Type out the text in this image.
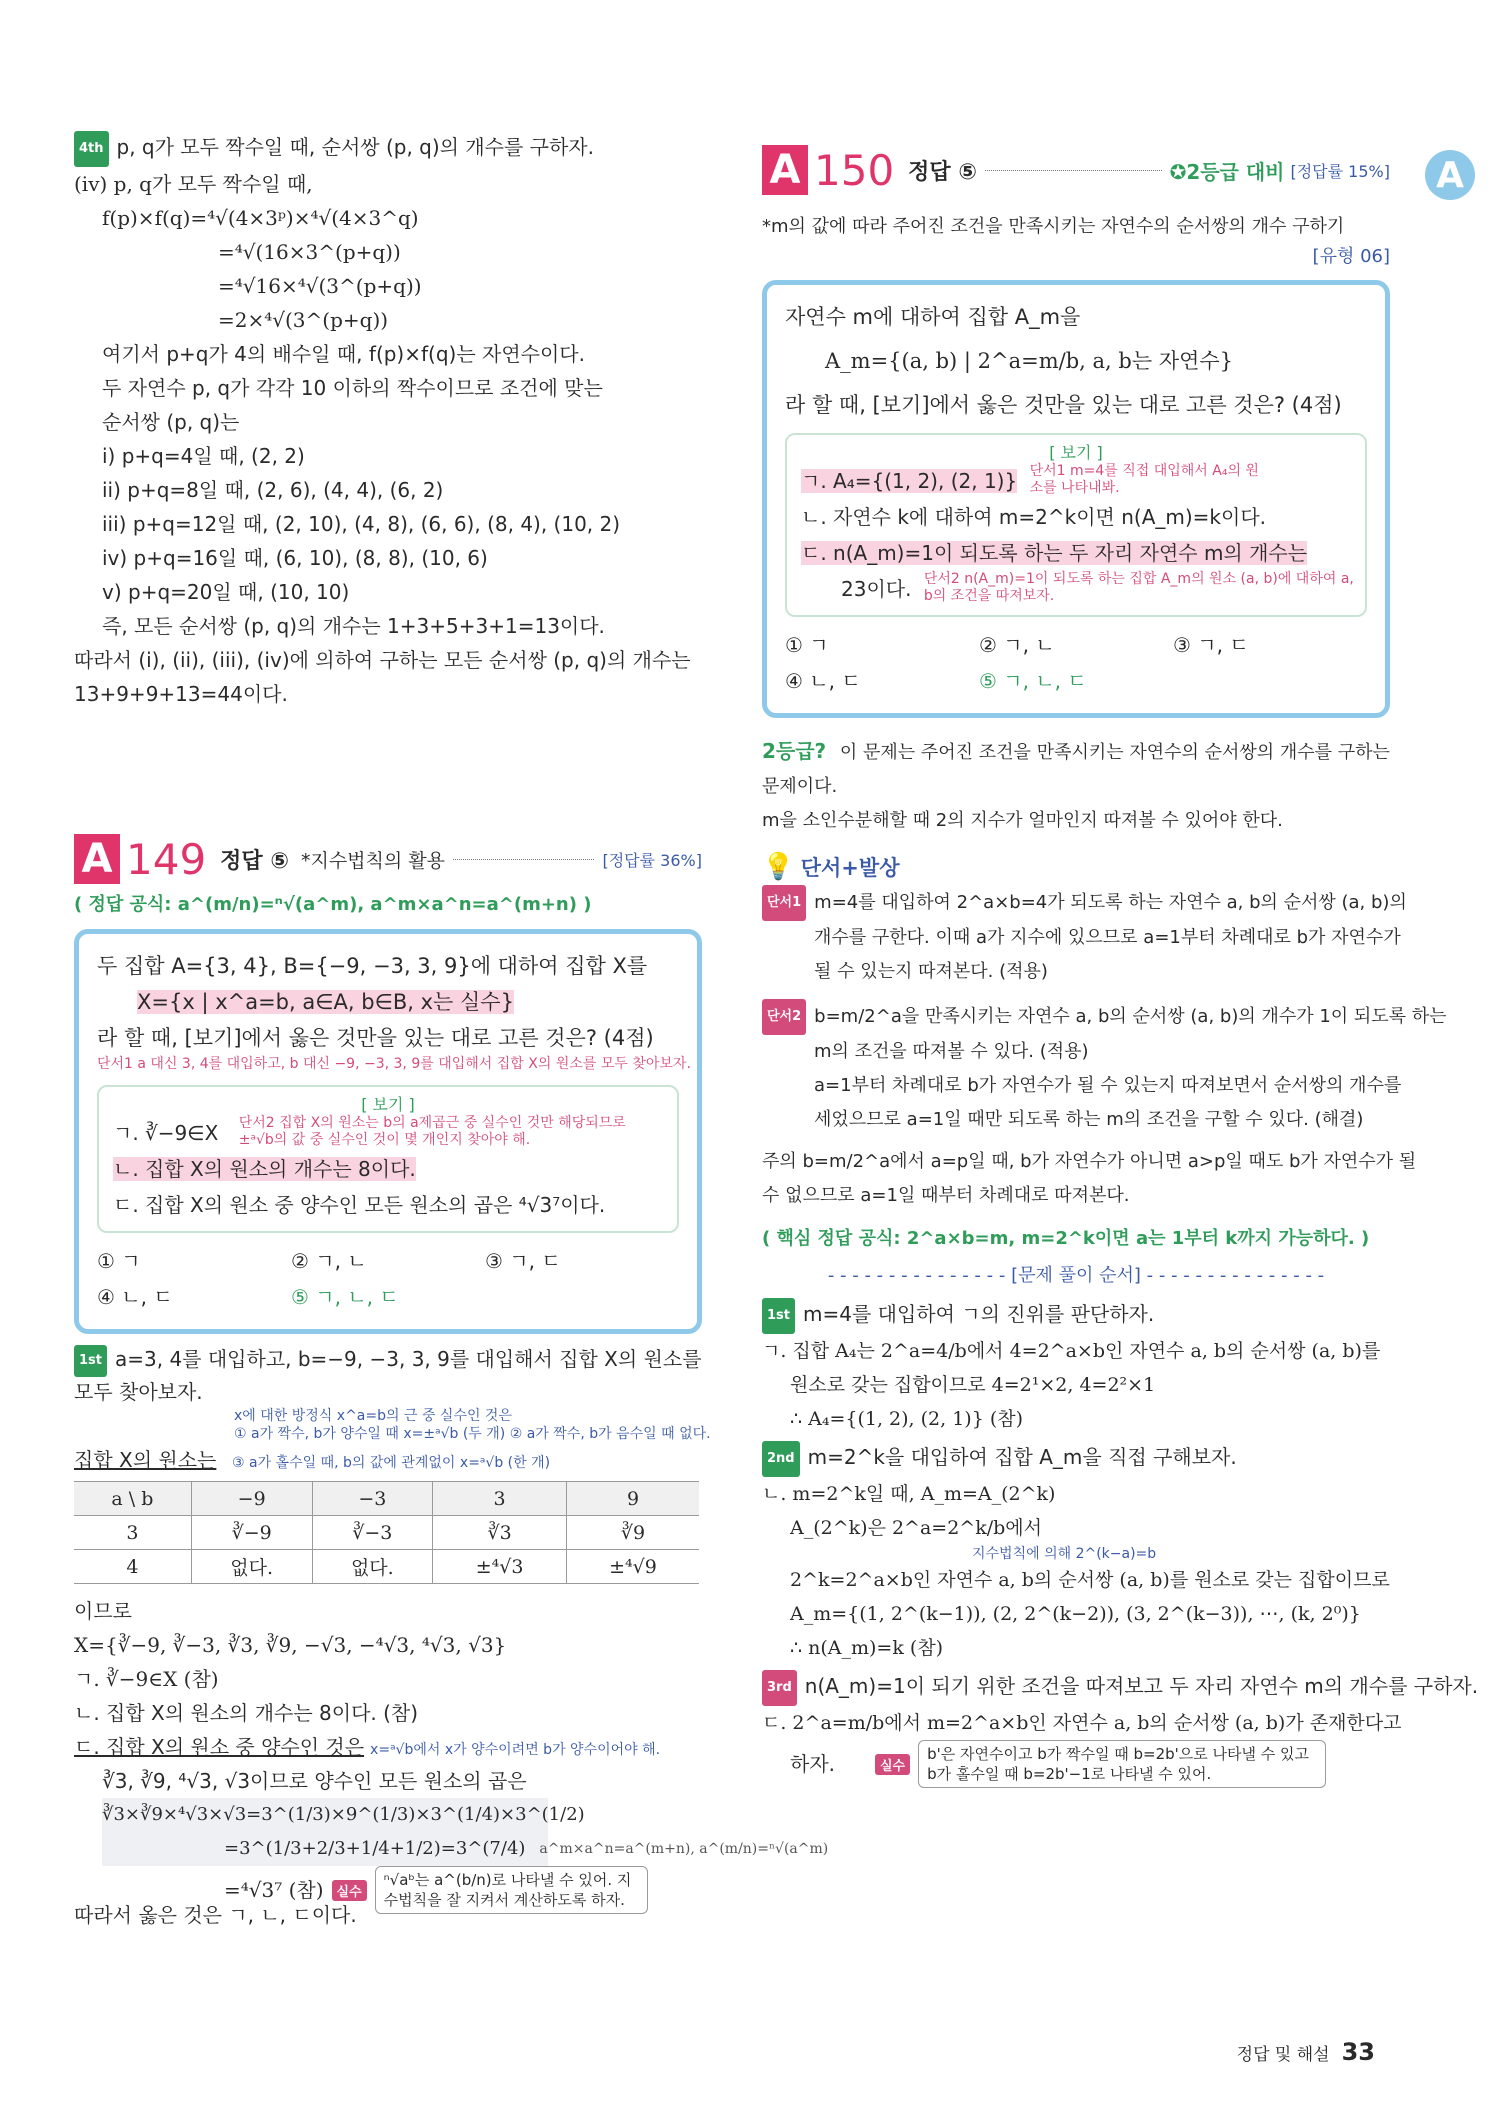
A
4th p, q가 모두 짝수일 때, 순서쌍 (p, q)의 개수를 구하자.
(iv) p, q가 모두 짝수일 때,
f(p)×f(q)=⁴√(4×3ᵖ)×⁴√(4×3^q)
=⁴√(16×3^(p+q))
=⁴√16×⁴√(3^(p+q))
=2×⁴√(3^(p+q))
여기서 p+q가 4의 배수일 때, f(p)×f(q)는 자연수이다.
두 자연수 p, q가 각각 10 이하의 짝수이므로 조건에 맞는
순서쌍 (p, q)는
i) p+q=4일 때, (2, 2)
ii) p+q=8일 때, (2, 6), (4, 4), (6, 2)
iii) p+q=12일 때, (2, 10), (4, 8), (6, 6), (8, 4), (10, 2)
iv) p+q=16일 때, (6, 10), (8, 8), (10, 6)
v) p+q=20일 때, (10, 10)
즉, 모든 순서쌍 (p, q)의 개수는 1+3+5+3+1=13이다.
따라서 (i), (ii), (iii), (iv)에 의하여 구하는 모든 순서쌍 (p, q)의 개수는
13+9+9+13=44이다.
A 149 정답 ⑤ *지수법칙의 활용	[정답률 36%]
( 정답 공식: a^(m/n)=ⁿ√(a^m), a^m×a^n=a^(m+n) )
두 집합 A={3, 4}, B={−9, −3, 3, 9}에 대하여 집합 X를
X={x | x^a=b, a∈A, b∈B, x는 실수}
라 할 때, [보기]에서 옳은 것만을 있는 대로 고른 것은? (4점)
단서1 a 대신 3, 4를 대입하고, b 대신 −9, −3, 3, 9를 대입해서 집합 X의 원소를 모두 찾아보자.
[ 보기 ]
ㄱ. ∛−9∈X 단서2 집합 X의 원소는 b의 a제곱근 중 실수인 것만 해당되므로 ±ᵃ√b의 값 중 실수인 것이 몇 개인지 찾아야 해.
ㄴ. 집합 X의 원소의 개수는 8이다.
ㄷ. 집합 X의 원소 중 양수인 모든 원소의 곱은 ⁴√3⁷이다.
① ㄱ	② ㄱ, ㄴ	③ ㄱ, ㄷ
④ ㄴ, ㄷ	⑤ ㄱ, ㄴ, ㄷ
1st a=3, 4를 대입하고, b=−9, −3, 3, 9를 대입해서 집합 X의 원소를 모두 찾아보자.
x에 대한 방정식 x^a=b의 근 중 실수인 것은
① a가 짝수, b가 양수일 때 x=±ᵃ√b (두 개) ② a가 짝수, b가 음수일 때 없다.
집합 X의 원소는	③ a가 홀수일 때, b의 값에 관계없이 x=ᵃ√b (한 개)
a \ b	−9	−3	3	9
3	∛−9	∛−3	∛3	∛9
4	없다.	없다.	±⁴√3	±⁴√9
이므로
X={∛−9, ∛−3, ∛3, ∛9, −√3, −⁴√3, ⁴√3, √3}
ㄱ. ∛−9∈X (참)
ㄴ. 집합 X의 원소의 개수는 8이다. (참)
ㄷ. 집합 X의 원소 중 양수인 것은 x=ᵃ√b에서 x가 양수이려면 b가 양수이어야 해.
∛3, ∛9, ⁴√3, √3이므로 양수인 모든 원소의 곱은
∛3×∛9×⁴√3×√3=3^(1/3)×9^(1/3)×3^(1/4)×3^(1/2)
=3^(1/3+2/3+1/4+1/2)=3^(7/4) a^m×a^n=a^(m+n), a^(m/n)=ⁿ√(a^m)
=⁴√3⁷ (참)	실수
ⁿ√aᵇ는 a^(b/n)로 나타낼 수 있어. 지수법칙을 잘 지켜서 계산하도록 하자.
따라서 옳은 것은 ㄱ, ㄴ, ㄷ이다.
A 150 정답 ⑤	✪2등급 대비 [정답률 15%]
*m의 값에 따라 주어진 조건을 만족시키는 자연수의 순서쌍의 개수 구하기
[유형 06]
자연수 m에 대하여 집합 A_m을
A_m={(a, b) | 2^a=m/b, a, b는 자연수}
라 할 때, [보기]에서 옳은 것만을 있는 대로 고른 것은? (4점)
[ 보기 ]
ㄱ. A₄={(1, 2), (2, 1)} 단서1 m=4를 직접 대입해서 A₄의 원소를 나타내봐.
ㄴ. 자연수 k에 대하여 m=2^k이면 n(A_m)=k이다.
ㄷ. n(A_m)=1이 되도록 하는 두 자리 자연수 m의 개수는
23이다. 단서2 n(A_m)=1이 되도록 하는 집합 A_m의 원소 (a, b)에 대하여 a, b의 조건을 따져보자.
① ㄱ	② ㄱ, ㄴ	③ ㄱ, ㄷ
④ ㄴ, ㄷ	⑤ ㄱ, ㄴ, ㄷ
2등급? 이 문제는 주어진 조건을 만족시키는 자연수의 순서쌍의 개수를 구하는
문제이다.
m을 소인수분해할 때 2의 지수가 얼마인지 따져볼 수 있어야 한다.
💡 단서+발상
단서1 m=4를 대입하여 2^a×b=4가 되도록 하는 자연수 a, b의 순서쌍 (a, b)의
개수를 구한다. 이때 a가 지수에 있으므로 a=1부터 차례대로 b가 자연수가
될 수 있는지 따져본다. (적용)
단서2 b=m/2^a을 만족시키는 자연수 a, b의 순서쌍 (a, b)의 개수가 1이 되도록 하는
m의 조건을 따져볼 수 있다. (적용)
a=1부터 차례대로 b가 자연수가 될 수 있는지 따져보면서 순서쌍의 개수를
세었으므로 a=1일 때만 되도록 하는 m의 조건을 구할 수 있다. (해결)
주의 b=m/2^a에서 a=p일 때, b가 자연수가 아니면 a>p일 때도 b가 자연수가 될
수 없으므로 a=1일 때부터 차례대로 따져본다.
( 핵심 정답 공식: 2^a×b=m, m=2^k이면 a는 1부터 k까지 가능하다. )
- - - - - - - - - - - - - - - [문제 풀이 순서] - - - - - - - - - - - - - - -
1st m=4를 대입하여 ㄱ의 진위를 판단하자.
ㄱ. 집합 A₄는 2^a=4/b에서 4=2^a×b인 자연수 a, b의 순서쌍 (a, b)를
원소로 갖는 집합이므로 4=2¹×2, 4=2²×1
∴ A₄={(1, 2), (2, 1)} (참)
2nd m=2^k을 대입하여 집합 A_m을 직접 구해보자.
ㄴ. m=2^k일 때, A_m=A_(2^k)
A_(2^k)은 2^a=2^k/b에서
지수법칙에 의해 2^(k−a)=b
2^k=2^a×b인 자연수 a, b의 순서쌍 (a, b)를 원소로 갖는 집합이므로
A_m={(1, 2^(k−1)), (2, 2^(k−2)), (3, 2^(k−3)), ⋯, (k, 2⁰)}
∴ n(A_m)=k (참)
3rd n(A_m)=1이 되기 위한 조건을 따져보고 두 자리 자연수 m의 개수를 구하자.
ㄷ. 2^a=m/b에서 m=2^a×b인 자연수 a, b의 순서쌍 (a, b)가 존재한다고
하자.	실수
b'은 자연수이고 b가 짝수일 때 b=2b'으로 나타낼 수 있고 b가 홀수일 때 b=2b'−1로 나타낼 수 있어.
정답 및 해설 33
